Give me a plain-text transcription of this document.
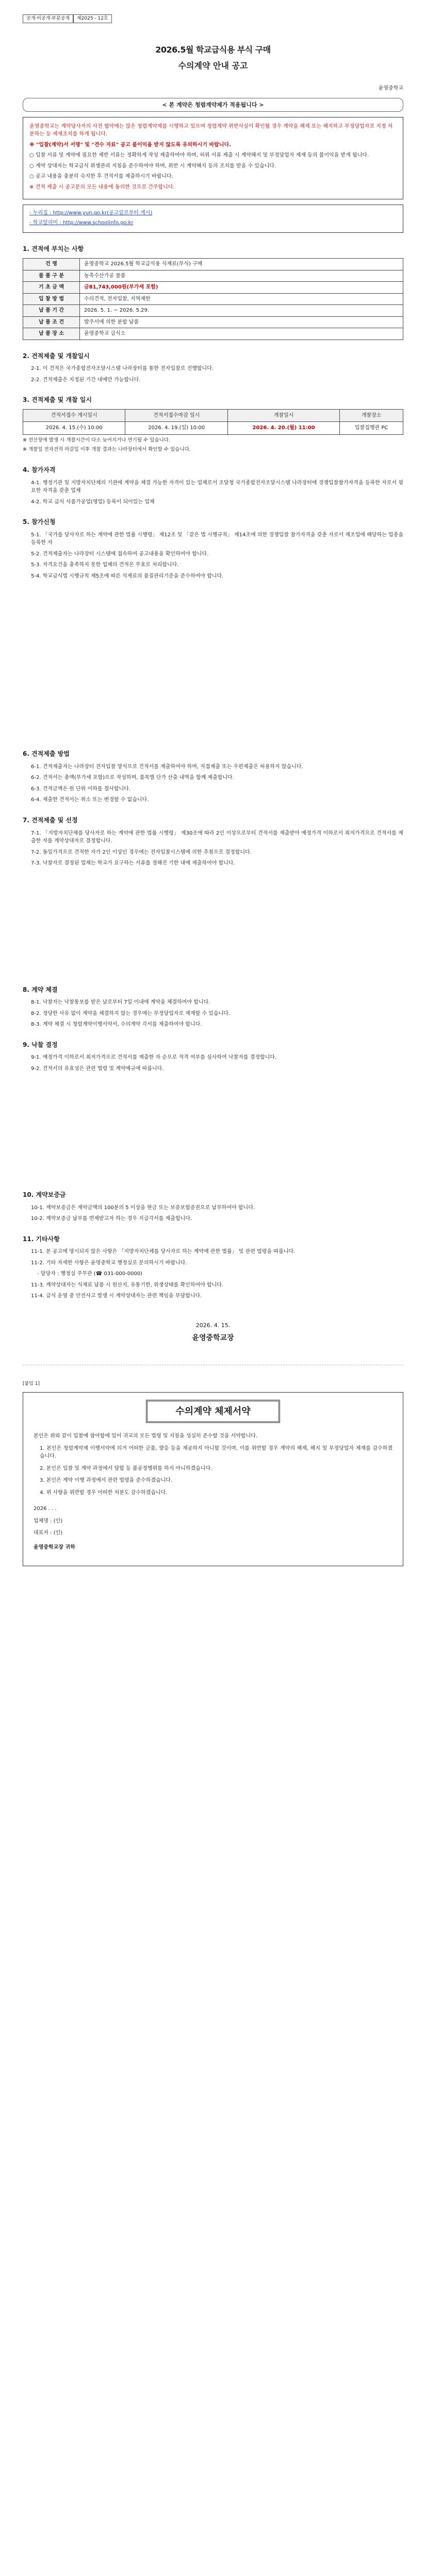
공개·비공개·부분공개	제2025 - 12호
2026.5월 학교급식용 부식 구매
수의계약 안내 공고
윤영중학교
< 본 계약은 청렴계약제가 적용됩니다 >

윤영중학교는 계약당사자의 사전 협약에는 않은 청렴계약제를 시행하고 있으며 청렴계약 위반사실이 확인될 경우 계약을 해제 또는 해지하고 부정당업자로 지정 처분하는 등 제재조치를 하게 됩니다.

※ "입찰(계약)서 서명" 및 "견수 자료" 공고 불이익을 받지 않도록 유의하시기 바랍니다.

○ 입찰 서류 및 계약에 필요한 제반 서류는 정확하게 작성 제출하여야 하며, 허위 서류 제출 시 계약해지 및 부정당업자 제재 등의 불이익을 받게 됩니다.

○ 계약 상대자는 학교급식 위생관리 지침을 준수하여야 하며, 위반 시 계약해지 등의 조치를 받을 수 있습니다.

○ 공고 내용을 충분히 숙지한 후 견적서를 제출하시기 바랍니다.

※ 견적 제출 시 공고문의 모든 내용에 동의한 것으로 간주합니다.

- 누리집 : http://www.yun.go.kr(공고일로부터 게시)

- 학교알리미 : http://www.schoolinfo.go.kr

1. 견적에 부치는 사항
건 명	윤영중학교 2026.5월 학교급식용 식재료(부식) 구매
물 품 구 분	농축수산가공 물품
기 초 금 액	금81,743,000원(부가세 포함)
입 찰 방 법	수의견적, 전자입찰, 지역제한
납 품 기 간	2026. 5. 1. ~ 2026. 5.29.
납 품 조 건	발주서에 의한 분할 납품
납 품 장 소	윤영중학교 급식소
2. 견적제출 및 개찰일시

2-1. 이 견적은 국가종합전자조달시스템 나라장터를 통한 전자입찰로 진행합니다.

2-2. 견적제출은 지정된 기간 내에만 가능합니다.

3. 견적제출 및 개찰 일시
견적서접수 개시일시	견적서접수마감 일시	개찰일시	개찰장소
2026. 4. 15.(수) 10:00	2026. 4. 19.(일) 10:00	2026. 4. 20.(월) 11:00	입찰집행관 PC

※ 전산장애 발생 시 개찰시간이 다소 늦어지거나 연기될 수 있습니다.

※ 개찰일 전자견적 마감일 이후 개찰 결과는 나라장터에서 확인할 수 있습니다.

4. 참가자격

4-1. 행정기관 및 지방자치단체의 기관에 계약을 체결 가능한 자격이 있는 업체로서 조달청 국가종합전자조달시스템 나라장터에 경쟁입찰참가자격을 등록한 자로서 필요한 자격을 갖춘 업체

4-2. 학교 급식 식품가공업(영업) 등록이 되어있는 업체

5. 참가신청

5-1. 「국가를 당사자로 하는 계약에 관한 법률 시행령」 제12조 및 「같은 법 시행규칙」 제14조에 의한 경쟁입찰 참가자격을 갖춘 자로서 제조업에 해당하는 업종을 등록한 자

5-2. 견적제출자는 나라장터 시스템에 접속하여 공고내용을 확인하여야 합니다.

5-3. 자격요건을 충족하지 못한 업체의 견적은 무효로 처리합니다.

5-4. 학교급식법 시행규칙 제5조에 따른 식재료의 품질관리기준을 준수하여야 합니다.

6. 견적제출 방법

6-1. 견적제출자는 나라장터 전자입찰 방식으로 견적서를 제출하여야 하며, 직접제출 또는 우편제출은 허용하지 않습니다.

6-2. 견적서는 총액(부가세 포함)으로 작성하며, 품목별 단가 산출 내역을 함께 제출합니다.

6-3. 견적금액은 원 단위 이하를 절사합니다.

6-4. 제출한 견적서는 취소 또는 변경할 수 없습니다.

7. 견적제출 및 선정

7-1. 「지방자치단체를 당사자로 하는 계약에 관한 법률 시행령」 제30조에 따라 2인 이상으로부터 견적서를 제출받아 예정가격 이하로서 최저가격으로 견적서를 제출한 자를 계약상대자로 결정합니다.

7-2. 동일가격으로 견적한 자가 2인 이상인 경우에는 전자입찰시스템에 의한 추첨으로 결정합니다.

7-3. 낙찰자로 결정된 업체는 학교가 요구하는 서류를 정해진 기한 내에 제출하여야 합니다.

8. 계약 체결

8-1. 낙찰자는 낙찰통보를 받은 날로부터 7일 이내에 계약을 체결하여야 합니다.

8-2. 정당한 사유 없이 계약을 체결하지 않는 경우에는 부정당업자로 제재할 수 있습니다.

8-3. 계약 체결 시 청렴계약이행서약서, 수의계약 각서를 제출하여야 합니다.

9. 낙찰 결정

9-1. 예정가격 이하로서 최저가격으로 견적서를 제출한 자 순으로 적격 여부를 심사하여 낙찰자를 결정합니다.

9-2. 견적서의 유효성은 관련 법령 및 계약예규에 따릅니다.

10. 계약보증금

10-1. 계약보증금은 계약금액의 100분의 5 이상을 현금 또는 보증보험증권으로 납부하여야 합니다.

10-2. 계약보증금 납부를 면제받고자 하는 경우 지급각서를 제출합니다.

11. 기타사항

11-1. 본 공고에 명시되지 않은 사항은 「지방자치단체를 당사자로 하는 계약에 관한 법률」 및 관련 법령을 따릅니다.

11-2. 기타 자세한 사항은 윤영중학교 행정실로 문의하시기 바랍니다.

- 담당자 : 행정실 주무관 (☎ 031-000-0000)

11-3. 계약상대자는 식재료 납품 시 원산지, 유통기한, 위생상태를 확인하여야 합니다.

11-4. 급식 운영 중 안전사고 발생 시 계약상대자는 관련 책임을 부담합니다.

2026. 4. 15.

윤영중학교장

[붙임 1]
수의계약 체제서약

본인은 위와 같이 입찰에 참여함에 있어 귀교의 모든 법령 및 지침을 성실히 준수할 것을 서약합니다.

1. 본인은 청렴계약제 이행서약에 의거 어떠한 금품, 향응 등을 제공하지 아니할 것이며, 이를 위반할 경우 계약의 해제, 해지 및 부정당업자 제재를 감수하겠습니다.

2. 본인은 입찰 및 계약 과정에서 담합 등 불공정행위를 하지 아니하겠습니다.

3. 본인은 계약 이행 과정에서 관련 법령을 준수하겠습니다.

4. 위 사항을 위반할 경우 어떠한 처분도 감수하겠습니다.

2026 . . .

업체명 : (인)

대표자 : (인)

윤영중학교장 귀하
